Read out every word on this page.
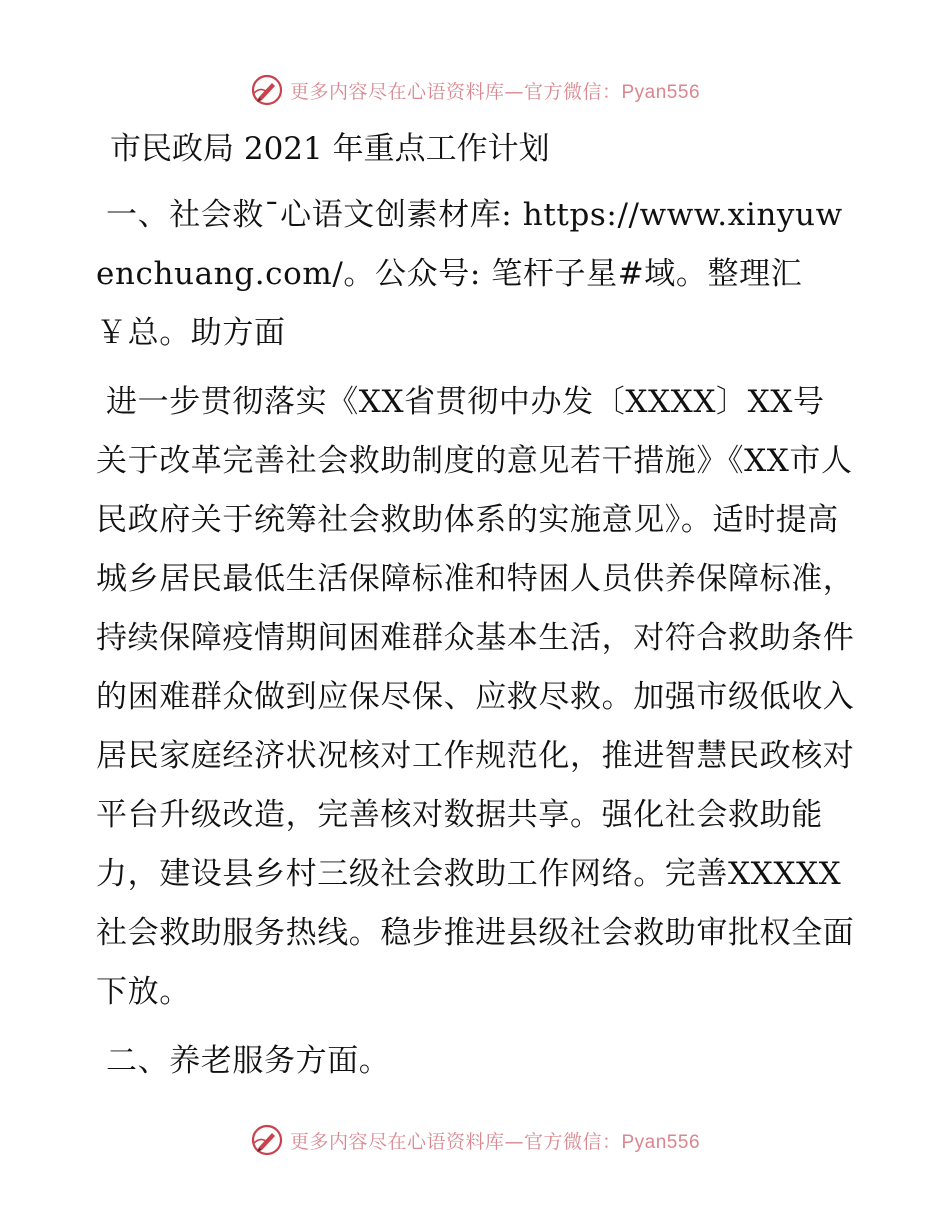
更多内容尽在心语资料库—官方微信：Pyan556
市民政局 2021 年重点工作计划

一、社会救¯心语文创素材库: https://www.xinyuwenchuang.com/。公众号: 笔杆子星#域。整理汇￥总。助方面

进一步贯彻落实《XX省贯彻中办发〔XXXX〕XX号关于改革完善社会救助制度的意见若干措施》《XX市人民政府关于统筹社会救助体系的实施意见》。适时提高城乡居民最低生活保障标准和特困人员供养保障标准，持续保障疫情期间困难群众基本生活，对符合救助条件的困难群众做到应保尽保、应救尽救。加强市级低收入居民家庭经济状况核对工作规范化，推进智慧民政核对平台升级改造，完善核对数据共享。强化社会救助能力，建设县乡村三级社会救助工作网络。完善XXXXX社会救助服务热线。稳步推进县级社会救助审批权全面下放。

二、养老服务方面。

更多内容尽在心语资料库—官方微信：Pyan556
